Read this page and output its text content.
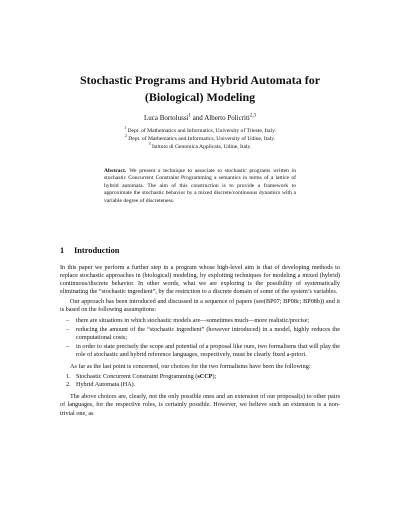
Stochastic Programs and Hybrid Automata for
(Biological) Modeling
Luca Bortolussi$^1$ and Alberto Policriti$^{2,3}$
$^1$ Dept. of Mathematics and Informatics, University of Trieste, Italy.
$^2$ Dept. of Mathematics and Informatics, University of Udine, Italy.
$^3$ Istituto di Genomica Applicata, Udine, Italy.
Abstract. We present a technique to associate to stochastic programs written in stochastic Concurrent Constraint Programming a semantics in terms of a lattice of hybrid automata. The aim of this construction is to provide a framework to approximate the stochastic behavior by a mixed discrete/continuous dynamics with a variable degree of discreteness.
1 Introduction

In this paper we perform a further step in a program whose high-level aim is that of developing methods to replace stochastic approaches in (biological) modeling, by exploiting techniques for modeling a mixed (hybrid) continuous/discrete behavior. In other words, what we are exploring is the possibility of systematically eliminating the “stochastic ingredient”, by the restriction to a discrete domain of some of the system’s variables.

Our approach has been introduced and discussed in a sequence of papers (see(BP07; BP08c; BP08b)) and it is based on the following assumptions:

– there are situations in which stochastic models are—sometimes much—more realistic/precise;
– reducing the amount of the “stochastic ingredient” (however introduced) in a model, highly reduces the computational costs;
– in order to state precisely the scope and potential of a proposal like ours, two formalisms that will play the role of stochastic and hybrid reference languages, respectively, must be clearly fixed a-priori.

As far as the last point is concerned, our choices for the two formalisms have been the following:

1. Stochastic Concurrent Constraint Programming (sCCP);
2. Hybrid Automata (HA).

The above choices are, clearly, not the only possible ones and an extension of our proposal(s) to other pairs of languages, for the respective roles, is certainly possible. However, we believe such an extension is a non-trivial one, as
